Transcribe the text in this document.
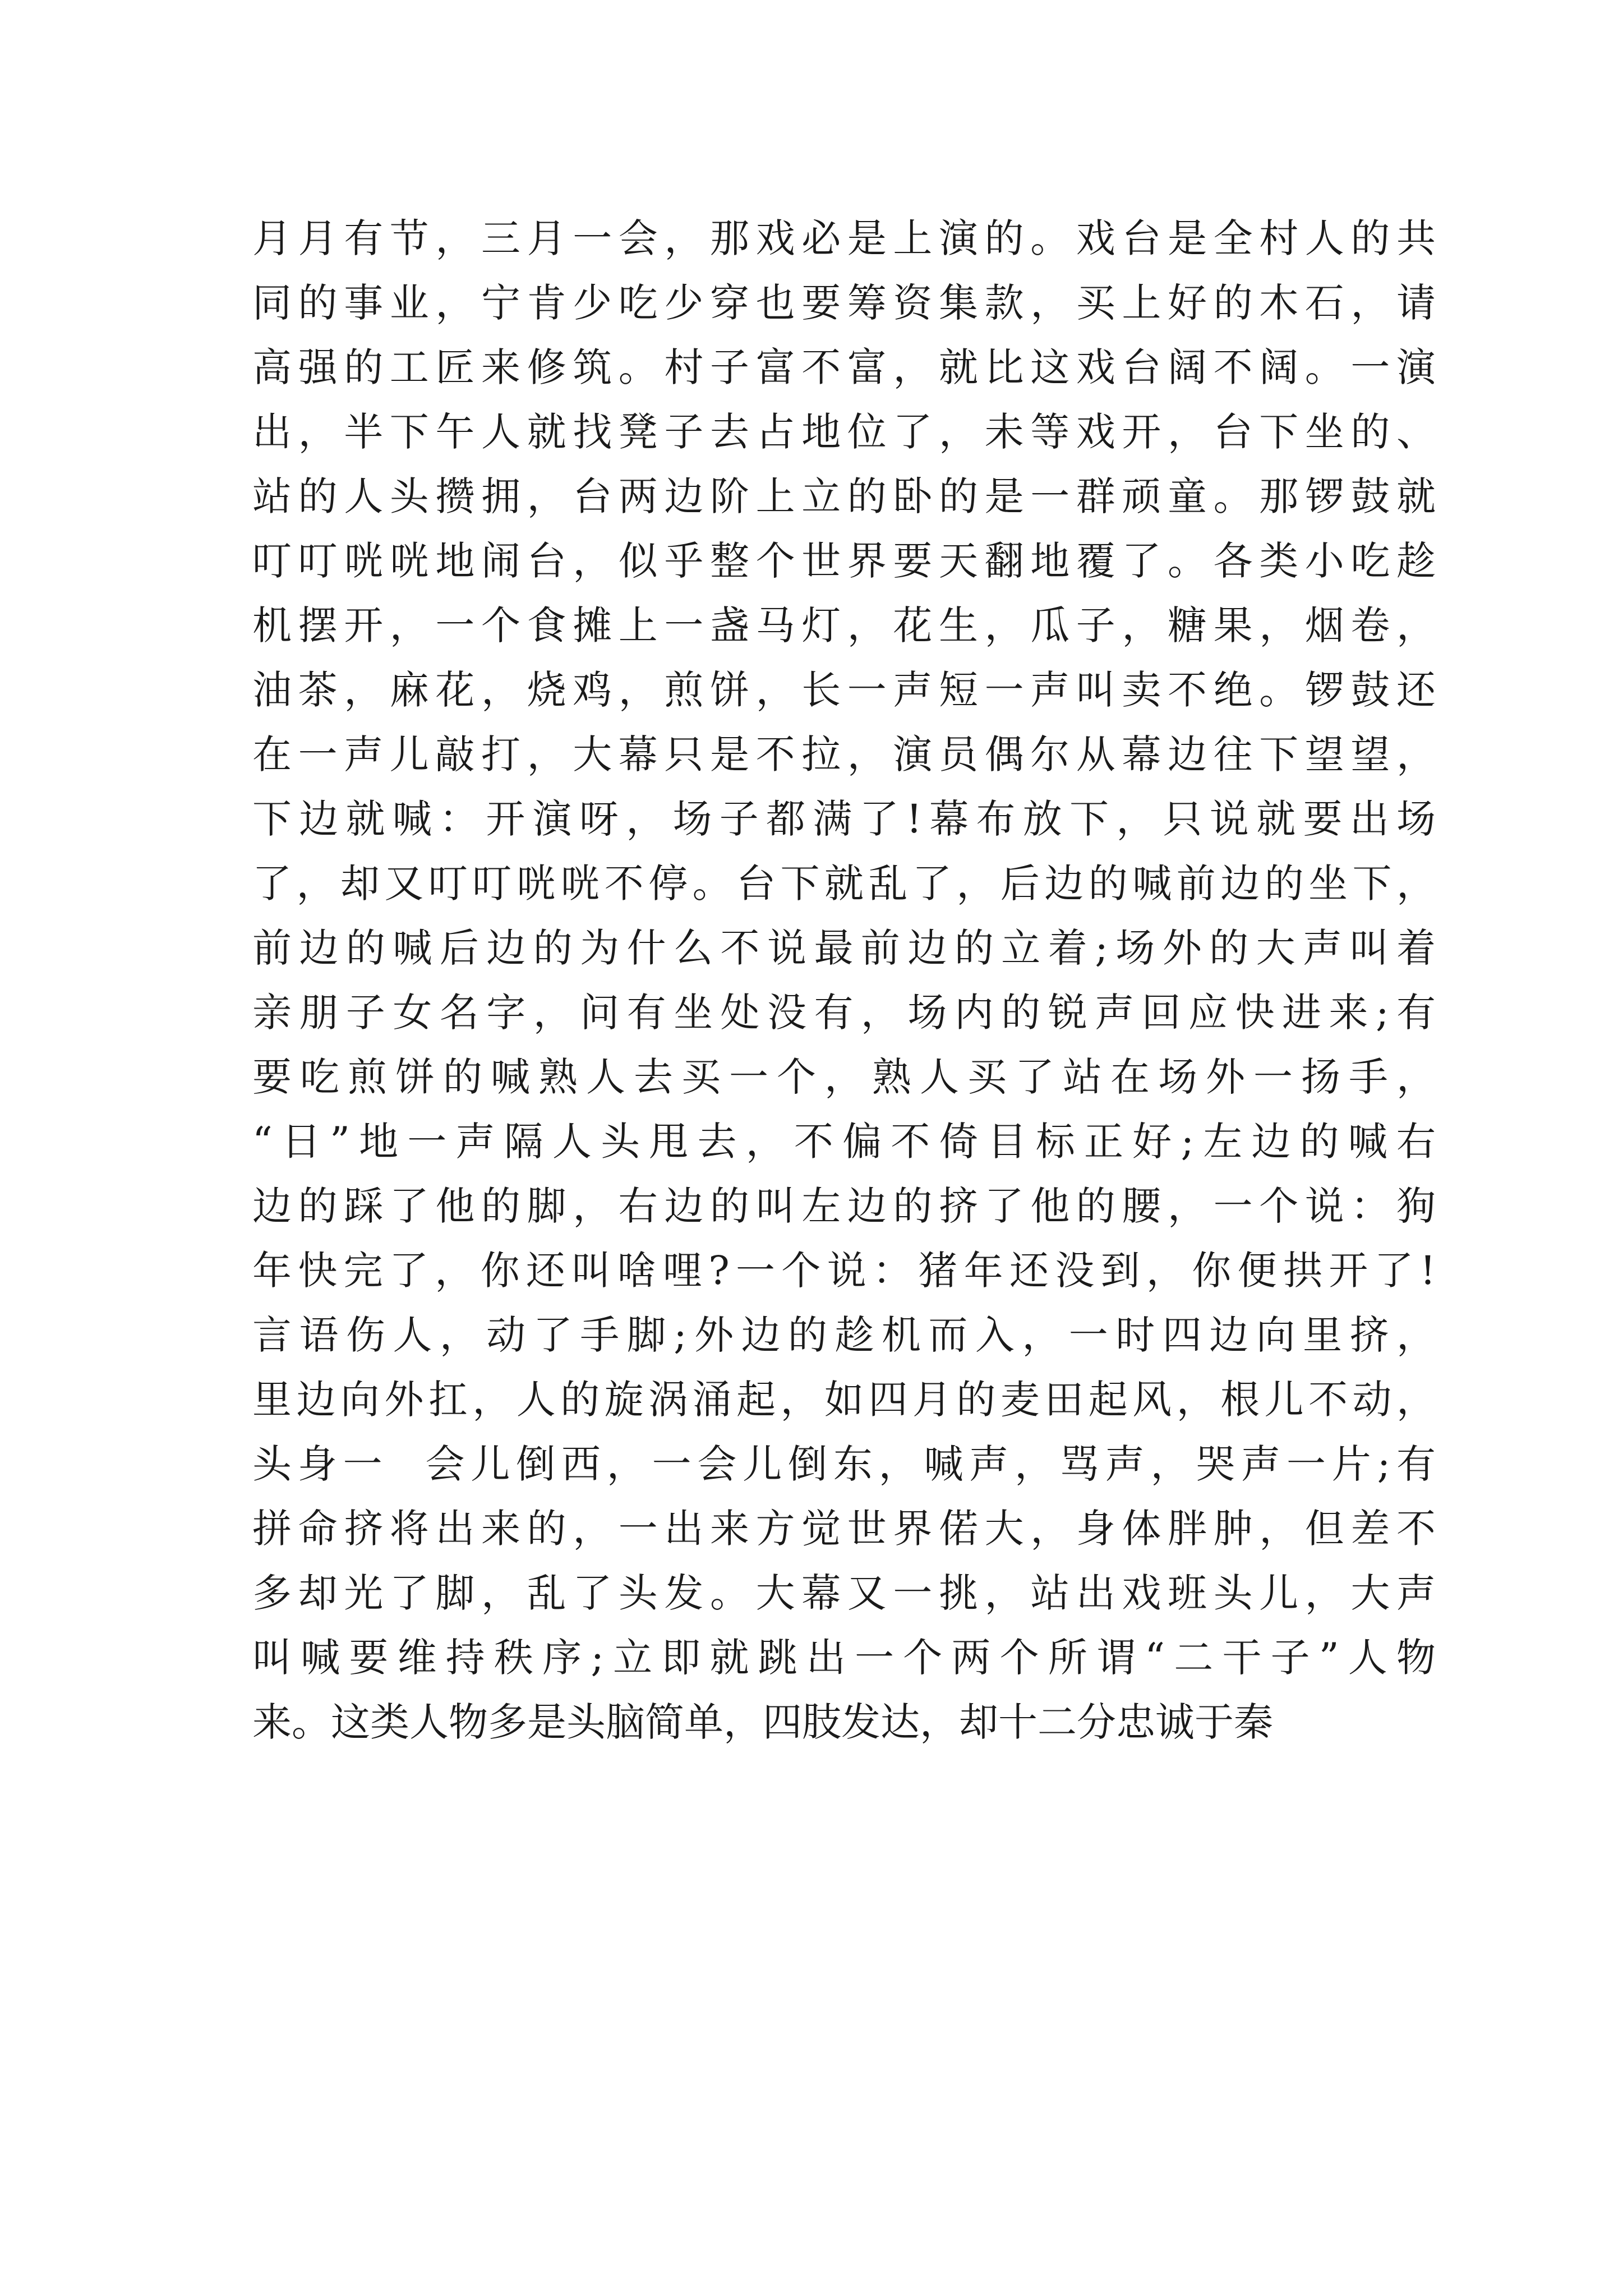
月月有节，三月一会，那戏必是上演的。戏台是全村人的共
同的事业，宁肯少吃少穿也要筹资集款，买上好的木石，请
高强的工匠来修筑。村子富不富，就比这戏台阔不阔。一演
出，半下午人就找凳子去占地位了，未等戏开，台下坐的、
站的人头攒拥，台两边阶上立的卧的是一群顽童。那锣鼓就
叮叮咣咣地闹台，似乎整个世界要天翻地覆了。各类小吃趁
机摆开，一个食摊上一盏马灯，花生，瓜子，糖果，烟卷，
油茶，麻花，烧鸡，煎饼，长一声短一声叫卖不绝。锣鼓还
在一声儿敲打，大幕只是不拉，演员偶尔从幕边往下望望，
下边就喊：开演呀，场子都满了!幕布放下，只说就要出场
了，却又叮叮咣咣不停。台下就乱了，后边的喊前边的坐下，
前边的喊后边的为什么不说最前边的立着;场外的大声叫着
亲朋子女名字，问有坐处没有，场内的锐声回应快进来;有
要吃煎饼的喊熟人去买一个，熟人买了站在场外一扬手，
“日”地一声隔人头甩去，不偏不倚目标正好;左边的喊右
边的踩了他的脚，右边的叫左边的挤了他的腰，一个说：狗
年快完了，你还叫啥哩?一个说：猪年还没到，你便拱开了!
言语伤人，动了手脚;外边的趁机而入，一时四边向里挤，
里边向外扛，人的旋涡涌起，如四月的麦田起风，根儿不动，
头身一  会儿倒西，一会儿倒东，喊声，骂声，哭声一片;有
拼命挤将出来的，一出来方觉世界偌大，身体胖肿，但差不
多却光了脚，乱了头发。大幕又一挑，站出戏班头儿，大声
叫喊要维持秩序;立即就跳出一个两个所谓“二干子”人物
来。这类人物多是头脑简单，四肢发达，却十二分忠诚于秦
